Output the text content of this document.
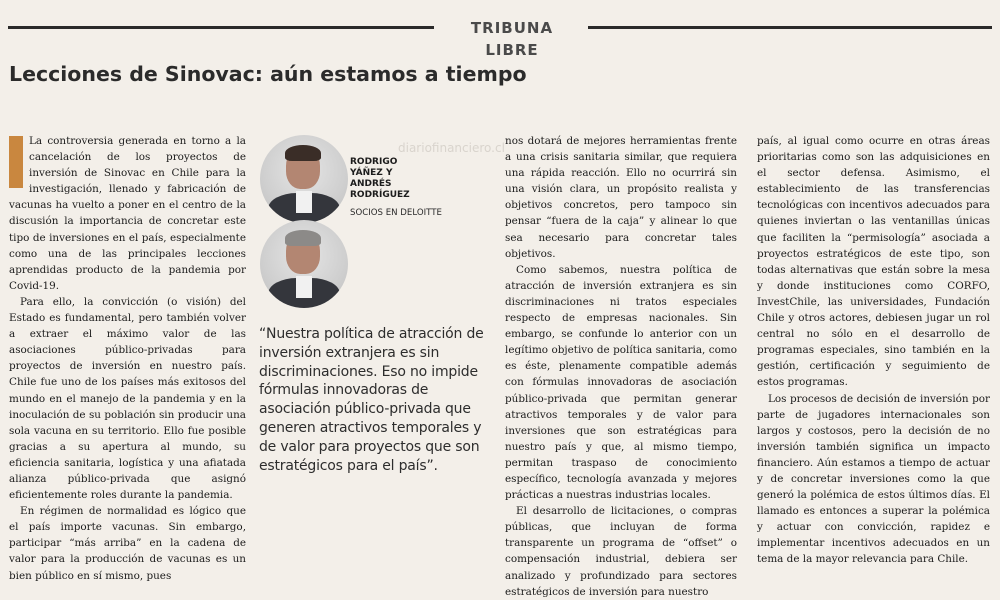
TRIBUNA LIBRE
Lecciones de Sinovac: aún estamos a tiempo
diariofinanciero.cl

La controversia generada en torno a la cancelación de los proyectos de inversión de Sinovac en Chile para la investigación, llenado y fabricación de vacunas ha vuelto a poner en el centro de la discusión la importancia de concretar este tipo de inversiones en el país, especialmente como una de las principales lecciones aprendidas producto de la pandemia por Covid-19.

Para ello, la convicción (o visión) del Estado es fundamental, pero también volver a extraer el máximo valor de las asociaciones público-privadas para proyectos de inversión en nuestro país. Chile fue uno de los países más exitosos del mundo en el manejo de la pandemia y en la inoculación de su población sin producir una sola vacuna en su territorio. Ello fue posible gracias a su apertura al mundo, su eficiencia sanitaria, logística y una afiatada alianza público-privada que asignó eficientemente roles durante la pandemia.

En régimen de normalidad es lógico que el país importe vacunas. Sin embargo, participar “más arriba” en la cadena de valor para la producción de vacunas es un bien público en sí mismo, pues

RODRIGO
YÁÑEZ Y
ANDRÉS
RODRÍGUEZ
SOCIOS EN DELOITTE

“Nuestra política de atracción de inversión extranjera es sin discriminaciones. Eso no impide fórmulas innovadoras de asociación público-privada que generen atractivos temporales y de valor para proyectos que son estratégicos para el país”.

nos dotará de mejores herramientas frente a una crisis sanitaria similar, que requiera una rápida reacción. Ello no ocurrirá sin una visión clara, un propósito realista y objetivos concretos, pero tampoco sin pensar “fuera de la caja” y alinear lo que sea necesario para concretar tales objetivos.

Como sabemos, nuestra política de atracción de inversión extranjera es sin discriminaciones ni tratos especiales respecto de empresas nacionales. Sin embargo, se confunde lo anterior con un legítimo objetivo de política sanitaria, como es éste, plenamente compatible además con fórmulas innovadoras de asociación público-privada que permitan generar atractivos temporales y de valor para inversiones que son estratégicas para nuestro país y que, al mismo tiempo, permitan traspaso de conocimiento específico, tecnología avanzada y mejores prácticas a nuestras industrias locales.

El desarrollo de licitaciones, o compras públicas, que incluyan de forma transparente un programa de “offset” o compensación industrial, debiera ser analizado y profundizado para sectores estratégicos de inversión para nuestro

país, al igual como ocurre en otras áreas prioritarias como son las adquisiciones en el sector defensa. Asimismo, el establecimiento de las transferencias tecnológicas con incentivos adecuados para quienes inviertan o las ventanillas únicas que faciliten la “permisología” asociada a proyectos estratégicos de este tipo, son todas alternativas que están sobre la mesa y donde instituciones como CORFO, InvestChile, las universidades, Fundación Chile y otros actores, debiesen jugar un rol central no sólo en el desarrollo de programas especiales, sino también en la gestión, certificación y seguimiento de estos programas.

Los procesos de decisión de inversión por parte de jugadores internacionales son largos y costosos, pero la decisión de no inversión también significa un impacto financiero. Aún estamos a tiempo de actuar y de concretar inversiones como la que generó la polémica de estos últimos días. El llamado es entonces a superar la polémica y actuar con convicción, rapidez e implementar incentivos adecuados en un tema de la mayor relevancia para Chile.
